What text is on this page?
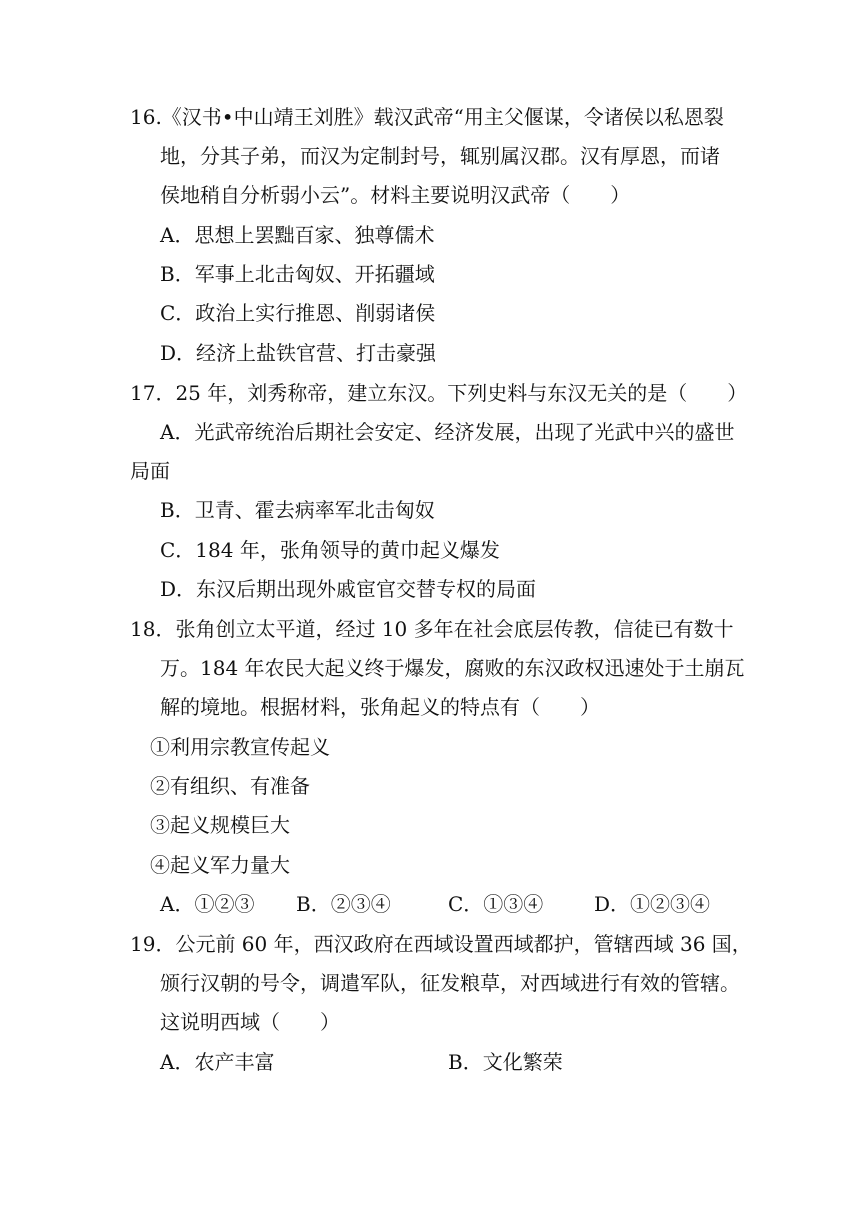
16.《汉书•中山靖王刘胜》载汉武帝“用主父偃谋，令诸侯以私恩裂

地，分其子弟，而汉为定制封号，辄别属汉郡。汉有厚恩，而诸

侯地稍自分析弱小云”。材料主要说明汉武帝（　　）

A．思想上罢黜百家、独尊儒术

B．军事上北击匈奴、开拓疆域

C．政治上实行推恩、削弱诸侯

D．经济上盐铁官营、打击豪强

17．25 年，刘秀称帝，建立东汉。下列史料与东汉无关的是（　　）

A．光武帝统治后期社会安定、经济发展，出现了光武中兴的盛世

局面

B．卫青、霍去病率军北击匈奴

C．184 年，张角领导的黄巾起义爆发

D．东汉后期出现外戚宦官交替专权的局面

18．张角创立太平道，经过 10 多年在社会底层传教，信徒已有数十

万。184 年农民大起义终于爆发，腐败的东汉政权迅速处于土崩瓦

解的境地。根据材料，张角起义的特点有（　　）

①利用宗教宣传起义

②有组织、有准备

③起义规模巨大

④起义军力量大

A．①②③ B．②③④	C．①③④	D．①②③④

19．公元前 60 年，西汉政府在西域设置西域都护，管辖西域 36 国，

颁行汉朝的号令，调遣军队，征发粮草，对西域进行有效的管辖。

这说明西域（　　）

A．农产丰富	B．文化繁荣
